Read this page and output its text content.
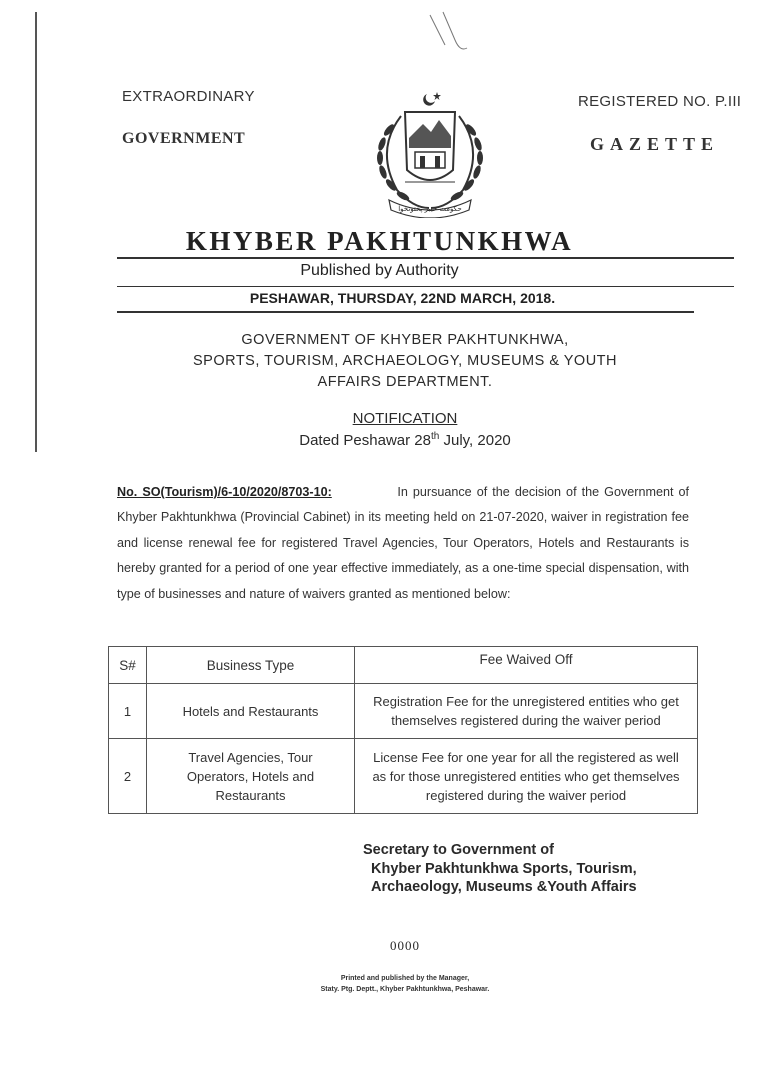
EXTRAORDINARY
GOVERNMENT
REGISTERED NO. P.III
GAZETTE
حکومت خیبر پختونخوا
KHYBER PAKHTUNKHWA
Published by Authority
PESHAWAR, THURSDAY, 22ND MARCH, 2018.
GOVERNMENT OF KHYBER PAKHTUNKHWA,
SPORTS, TOURISM, ARCHAEOLOGY, MUSEUMS & YOUTH
AFFAIRS DEPARTMENT.
NOTIFICATION
Dated Peshawar 28th July, 2020
No. SO(Tourism)/6-10/2020/8703-10:	In pursuance of the decision of the Government of Khyber Pakhtunkhwa (Provincial Cabinet) in its meeting held on 21-07-2020, waiver in registration fee and license renewal fee for registered Travel Agencies, Tour Operators, Hotels and Restaurants is hereby granted for a period of one year effective immediately, as a one-time special dispensation, with type of businesses and nature of waivers granted as mentioned below:
S#	Business Type	Fee Waived Off
1	Hotels and Restaurants	Registration Fee for the unregistered entities who get themselves registered during the waiver period
2	Travel Agencies, Tour Operators, Hotels and Restaurants	License Fee for one year for all the registered as well as for those unregistered entities who get themselves registered during the waiver period
Secretary to Government of
Khyber Pakhtunkhwa Sports, Tourism,
Archaeology, Museums &Youth Affairs
0000
Printed and published by the Manager,
Staty. Ptg. Deptt., Khyber Pakhtunkhwa, Peshawar.
